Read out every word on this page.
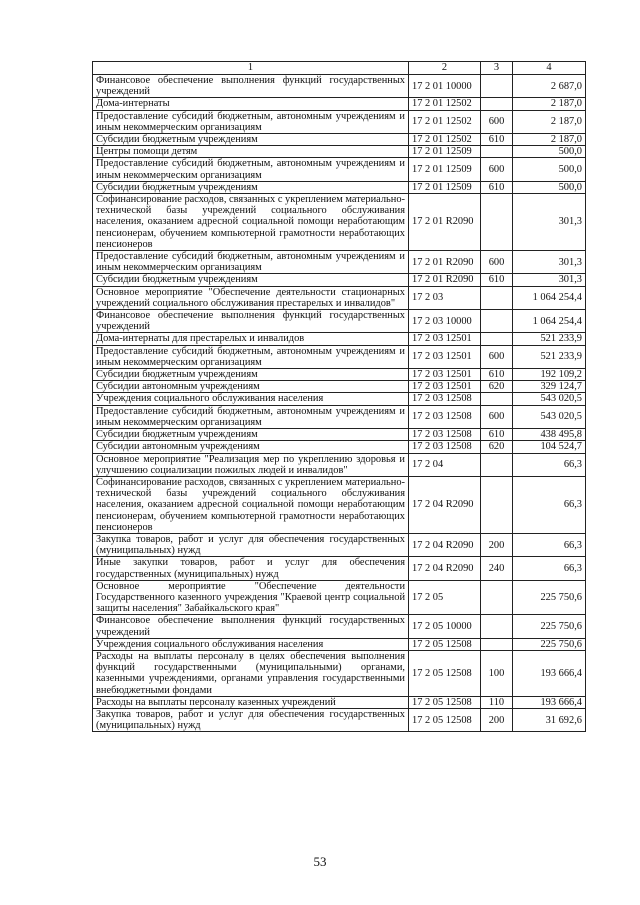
1	2	3	4
Финансовое обеспечение выполнения функций государственных учреждений	17 2 01 10000		2 687,0
Дома-интернаты	17 2 01 12502		2 187,0
Предоставление субсидий бюджетным, автономным учреждениям и иным некоммерческим организациям	17 2 01 12502	600	2 187,0
Субсидии бюджетным учреждениям	17 2 01 12502	610	2 187,0
Центры помощи детям	17 2 01 12509		500,0
Предоставление субсидий бюджетным, автономным учреждениям и иным некоммерческим организациям	17 2 01 12509	600	500,0
Субсидии бюджетным учреждениям	17 2 01 12509	610	500,0
Софинансирование расходов, связанных с укреплением материально-технической базы учреждений социального обслуживания населения, оказанием адресной социальной помощи неработающим пенсионерам, обучением компьютерной грамотности неработающих пенсионеров	17 2 01 R2090		301,3
Предоставление субсидий бюджетным, автономным учреждениям и иным некоммерческим организациям	17 2 01 R2090	600	301,3
Субсидии бюджетным учреждениям	17 2 01 R2090	610	301,3
Основное мероприятие "Обеспечение деятельности стационарных учреждений социального обслуживания престарелых и инвалидов"	17 2 03		1 064 254,4
Финансовое обеспечение выполнения функций государственных учреждений	17 2 03 10000		1 064 254,4
Дома-интернаты для престарелых и инвалидов	17 2 03 12501		521 233,9
Предоставление субсидий бюджетным, автономным учреждениям и иным некоммерческим организациям	17 2 03 12501	600	521 233,9
Субсидии бюджетным учреждениям	17 2 03 12501	610	192 109,2
Субсидии автономным учреждениям	17 2 03 12501	620	329 124,7
Учреждения социального обслуживания населения	17 2 03 12508		543 020,5
Предоставление субсидий бюджетным, автономным учреждениям и иным некоммерческим организациям	17 2 03 12508	600	543 020,5
Субсидии бюджетным учреждениям	17 2 03 12508	610	438 495,8
Субсидии автономным учреждениям	17 2 03 12508	620	104 524,7
Основное мероприятие "Реализация мер по укреплению здоровья и улучшению социализации пожилых людей и инвалидов"	17 2 04		66,3
Софинансирование расходов, связанных с укреплением материально-технической базы учреждений социального обслуживания населения, оказанием адресной социальной помощи неработающим пенсионерам, обучением компьютерной грамотности неработающих пенсионеров	17 2 04 R2090		66,3
Закупка товаров, работ и услуг для обеспечения государственных (муниципальных) нужд	17 2 04 R2090	200	66,3
Иные закупки товаров, работ и услуг для обеспечения государственных (муниципальных) нужд	17 2 04 R2090	240	66,3
Основное мероприятие "Обеспечение деятельности Государственного казенного учреждения "Краевой центр социальной защиты населения" Забайкальского края"	17 2 05		225 750,6
Финансовое обеспечение выполнения функций государственных учреждений	17 2 05 10000		225 750,6
Учреждения социального обслуживания населения	17 2 05 12508		225 750,6
Расходы на выплаты персоналу в целях обеспечения выполнения функций государственными (муниципальными) органами, казенными учреждениями, органами управления государственными внебюджетными фондами	17 2 05 12508	100	193 666,4
Расходы на выплаты персоналу казенных учреждений	17 2 05 12508	110	193 666,4
Закупка товаров, работ и услуг для обеспечения государственных (муниципальных) нужд	17 2 05 12508	200	31 692,6
53
